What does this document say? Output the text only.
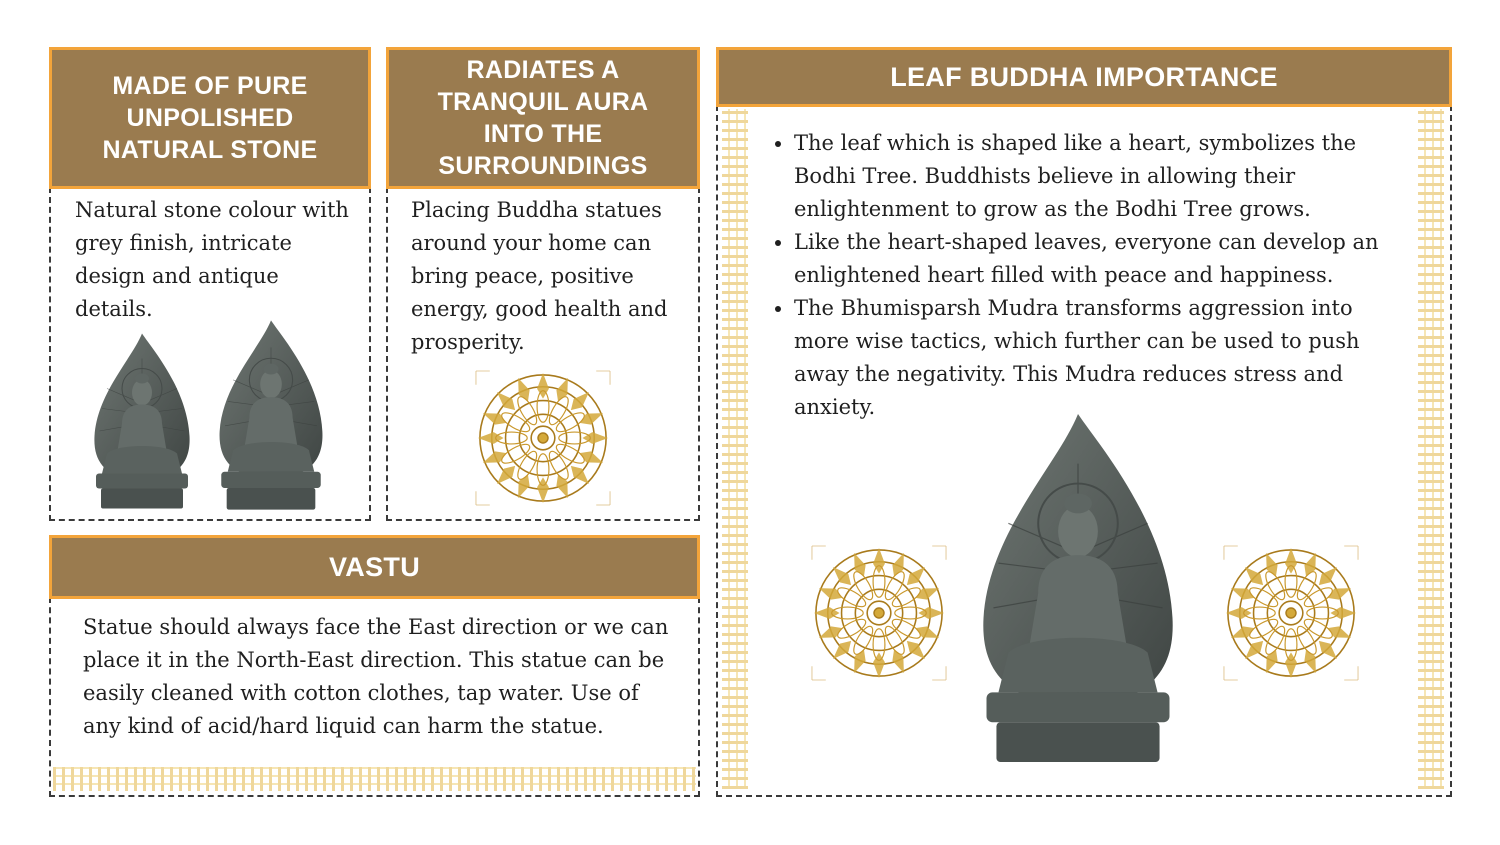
MADE OF PURE UNPOLISHED NATURAL STONE
Natural stone colour with grey finish, intricate design and antique details.
RADIATES A TRANQUIL AURA INTO THE SURROUNDINGS
Placing Buddha statues around your home can bring peace, positive energy, good health and prosperity.
VASTU
Statue should always face the East direction or we can place it in the North-East direction. This statue can be easily cleaned with cotton clothes, tap water. Use of any kind of acid/hard liquid can harm the statue.
LEAF BUDDHA IMPORTANCE
• The leaf which is shaped like a heart, symbolizes the Bodhi Tree. Buddhists believe in allowing their enlightenment to grow as the Bodhi Tree grows.
• Like the heart-shaped leaves, everyone can develop an enlightened heart filled with peace and happiness.
• The Bhumisparsh Mudra transforms aggression into more wise tactics, which further can be used to push away the negativity. This Mudra reduces stress and anxiety.
